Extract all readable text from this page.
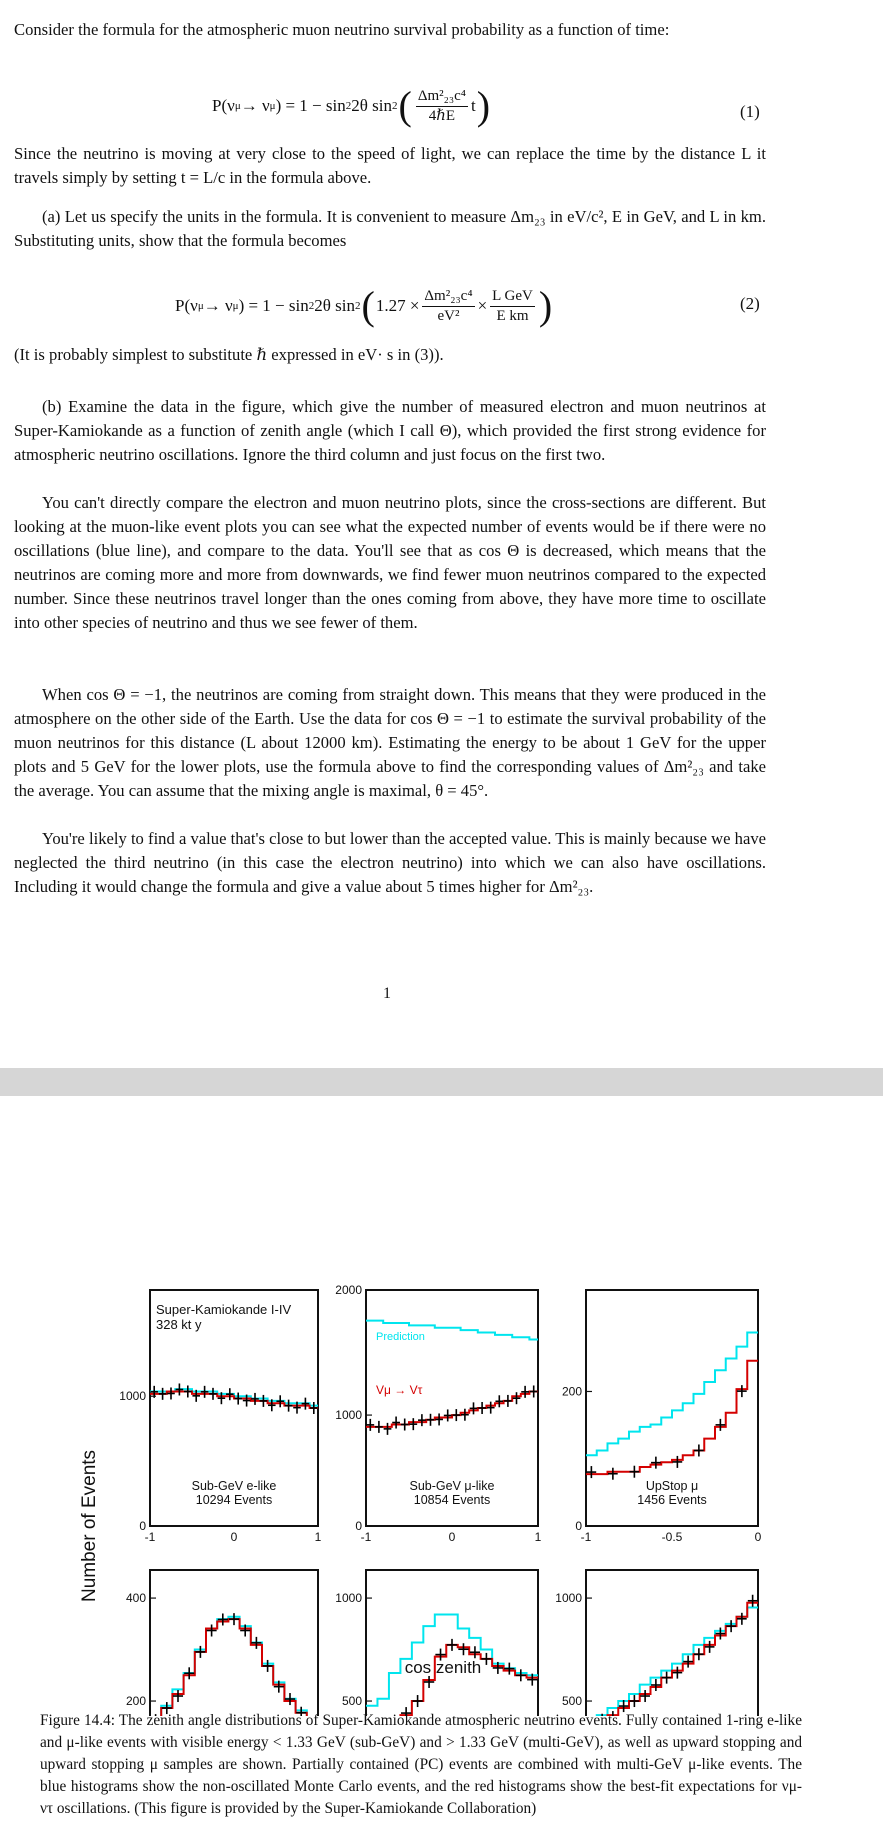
Consider the formula for the atmospheric muon neutrino survival probability as a function of time:

P(ν μ → ν μ ) = 1 − sin 2 2θ sin 2 ( $\frac{\text{Δm²₂₃c⁴}}{\text{4ℏE}}$ t )	(1)

Since the neutrino is moving at very close to the speed of light, we can replace the time by the distance L it travels simply by setting t = L/c in the formula above.

(a) Let us specify the units in the formula. It is convenient to measure Δm₂₃ in eV/c², E in GeV, and L in km. Substituting units, show that the formula becomes

P(ν μ → ν μ ) = 1 − sin 2 2θ sin 2 ( $1.27 \times \frac{\text{Δm²₂₃c⁴}}{\text{eV²}} \times \frac{\text{L GeV}}{\text{E km}}$ )	(2)

(It is probably simplest to substitute ℏ expressed in eV· s in (3)).

(b) Examine the data in the figure, which give the number of measured electron and muon neutrinos at Super-Kamiokande as a function of zenith angle (which I call Θ), which provided the first strong evidence for atmospheric neutrino oscillations. Ignore the third column and just focus on the first two.

You can't directly compare the electron and muon neutrino plots, since the cross-sections are different. But looking at the muon-like event plots you can see what the expected number of events would be if there were no oscillations (blue line), and compare to the data. You'll see that as cos Θ is decreased, which means that the neutrinos are coming more and more from downwards, we find fewer muon neutrinos compared to the expected number. Since these neutrinos travel longer than the ones coming from above, they have more time to oscillate into other species of neutrino and thus we see fewer of them.

When cos Θ = −1, the neutrinos are coming from straight down. This means that they were produced in the atmosphere on the other side of the Earth. Use the data for cos Θ = −1 to estimate the survival probability of the muon neutrinos for this distance (L about 12000 km). Estimating the energy to be about 1 GeV for the upper plots and 5 GeV for the lower plots, use the formula above to find the corresponding values of Δm²₂₃ and take the average. You can assume that the mixing angle is maximal, θ = 45°.

You're likely to find a value that's close to but lower than the accepted value. This is mainly because we have neglected the third neutrino (in this case the electron neutrino) into which we can also have oscillations. Including it would change the formula and give a value about 5 times higher for Δm²₂₃.

1
Number of Events
cos zenith
1000
0
-1	0	1
Sub-GeV e-like
10294 Events
Super-Kamiokande I-IV
328 kt y
2000
1000
0
-1	0	1
Sub-GeV μ-like
10854 Events
Prediction
Vμ → Vτ	200
0
-1	-0.5	0
UpStop μ
1456 Events
400
200
1000
500
1000
500

Figure 14.4: The zenith angle distributions of Super-Kamiokande atmospheric neutrino events. Fully contained 1-ring e-like and μ-like events with visible energy < 1.33 GeV (sub-GeV) and > 1.33 GeV (multi-GeV), as well as upward stopping and upward stopping μ samples are shown. Partially contained (PC) events are combined with multi-GeV μ-like events. The blue histograms show the non-oscillated Monte Carlo events, and the red histograms show the best-fit expectations for νμ-ντ oscillations. (This figure is provided by the Super-Kamiokande Collaboration)
